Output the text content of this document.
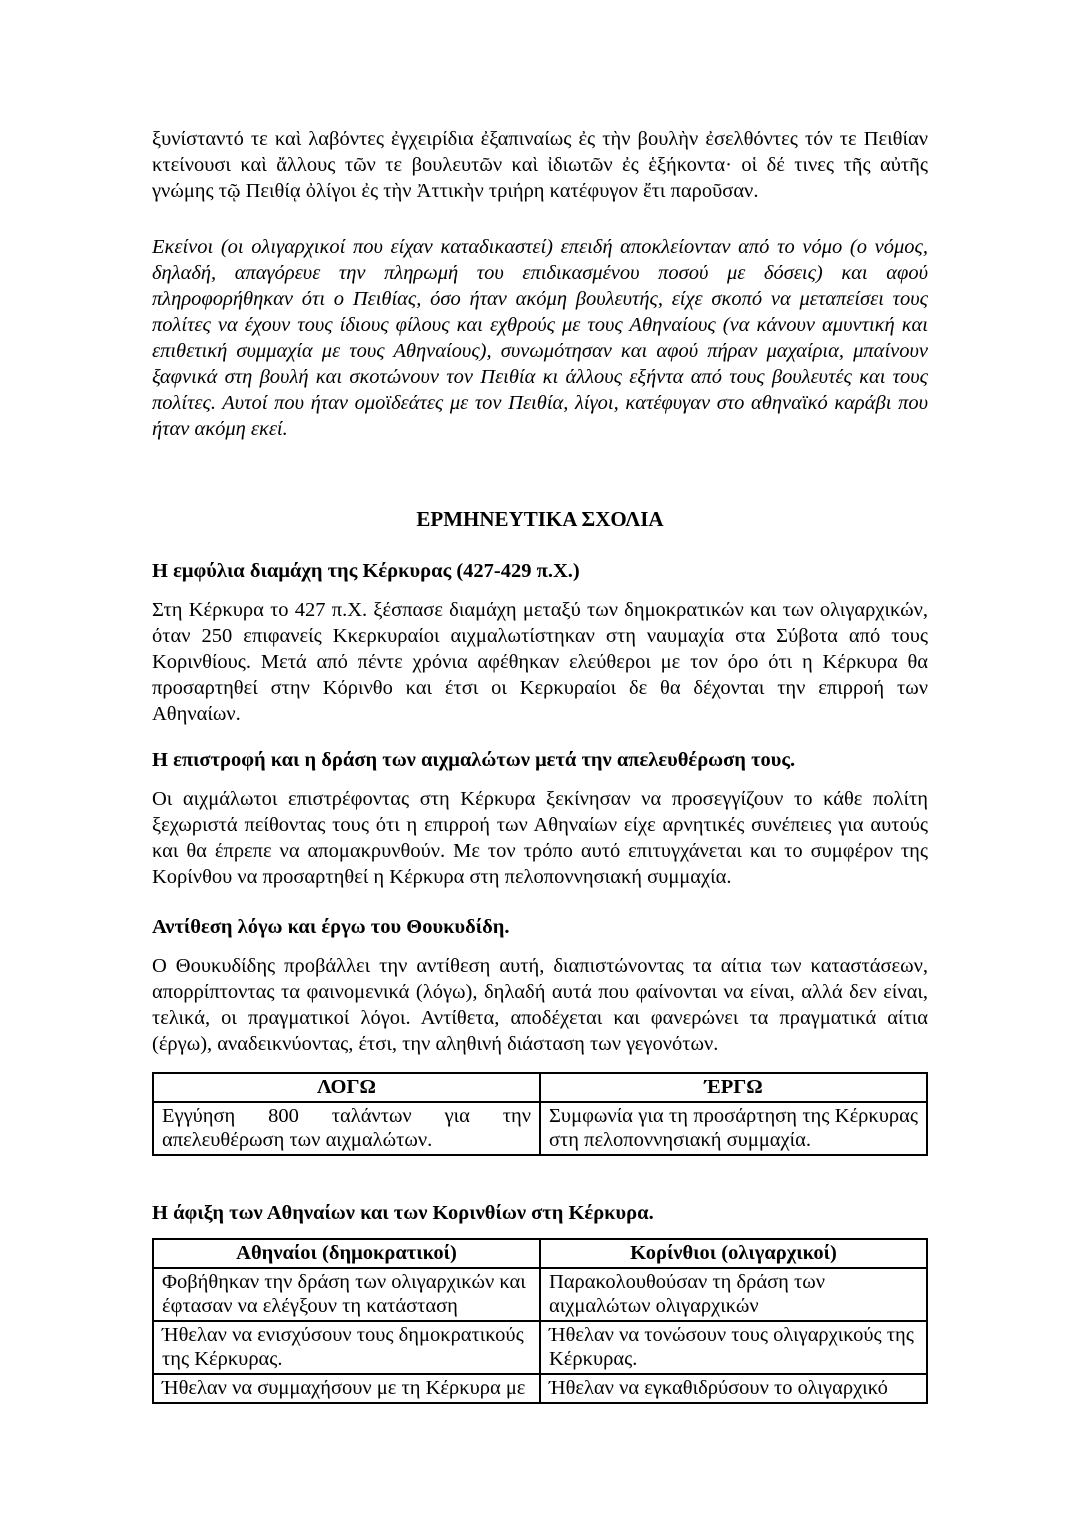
ξυνίσταντό τε καὶ λαβόντες ἐγχειρίδια ἐξαπιναίως ἐς τὴν βουλὴν ἐσελθόντες τόν τε Πειθίαν κτείνουσι καὶ ἄλλους τῶν τε βουλευτῶν καὶ ἰδιωτῶν ἐς ἑξήκοντα· οἱ δέ τινες τῆς αὐτῆς γνώμης τῷ Πειθίᾳ ὀλίγοι ἐς τὴν Ἀττικὴν τριήρη κατέφυγον ἔτι παροῦσαν.

Εκείνοι (οι ολιγαρχικοί που είχαν καταδικαστεί) επειδή αποκλείονταν από το νόμο (ο νόμος, δηλαδή, απαγόρευε την πληρωμή του επιδικασμένου ποσού με δόσεις) και αφού πληροφορήθηκαν ότι ο Πειθίας, όσο ήταν ακόμη βουλευτής, είχε σκοπό να μεταπείσει τους πολίτες να έχουν τους ίδιους φίλους και εχθρούς με τους Αθηναίους (να κάνουν αμυντική και επιθετική συμμαχία με τους Αθηναίους), συνωμότησαν και αφού πήραν μαχαίρια, μπαίνουν ξαφνικά στη βουλή και σκοτώνουν τον Πειθία κι άλλους εξήντα από τους βουλευτές και τους πολίτες. Αυτοί που ήταν ομοϊδεάτες με τον Πειθία, λίγοι, κατέφυγαν στο αθηναϊκό καράβι που ήταν ακόμη εκεί.

ΕΡΜΗΝΕΥΤΙΚΑ ΣΧΟΛΙΑ
Η εμφύλια διαμάχη της Κέρκυρας (427-429 π.Χ.)

Στη Κέρκυρα το 427 π.Χ. ξέσπασε διαμάχη μεταξύ των δημοκρατικών και των ολιγαρχικών, όταν 250 επιφανείς Κκερκυραίοι αιχμαλωτίστηκαν στη ναυμαχία στα Σύβοτα από τους Κορινθίους. Μετά από πέντε χρόνια αφέθηκαν ελεύθεροι με τον όρο ότι η Κέρκυρα θα προσαρτηθεί στην Κόρινθο και έτσι οι Κερκυραίοι δε θα δέχονται την επιρροή των Αθηναίων.

Η επιστροφή και η δράση των αιχμαλώτων μετά την απελευθέρωση τους.

Οι αιχμάλωτοι επιστρέφοντας στη Κέρκυρα ξεκίνησαν να προσεγγίζουν το κάθε πολίτη ξεχωριστά πείθοντας τους ότι η επιρροή των Αθηναίων είχε αρνητικές συνέπειες για αυτούς και θα έπρεπε να απομακρυνθούν. Με τον τρόπο αυτό επιτυγχάνεται και το συμφέρον της Κορίνθου να προσαρτηθεί η Κέρκυρα στη πελοποννησιακή συμμαχία.

Αντίθεση λόγω και έργω του Θουκυδίδη.

Ο Θουκυδίδης προβάλλει την αντίθεση αυτή, διαπιστώνοντας τα αίτια των καταστάσεων, απορρίπτοντας τα φαινομενικά (λόγω), δηλαδή αυτά που φαίνονται να είναι, αλλά δεν είναι, τελικά, οι πραγματικοί λόγοι. Αντίθετα, αποδέχεται και φανερώνει τα πραγματικά αίτια (έργω), αναδεικνύοντας, έτσι, την αληθινή διάσταση των γεγονότων.

ΛΟΓΩ	ΈΡΓΩ
Εγγύηση 800 ταλάντων για την απελευθέρωση των αιχμαλώτων.	Συμφωνία για τη προσάρτηση της Κέρκυρας στη πελοποννησιακή συμμαχία.
Η άφιξη των Αθηναίων και των Κορινθίων στη Κέρκυρα.
Αθηναίοι (δημοκρατικοί)	Κορίνθιοι (ολιγαρχικοί)
Φοβήθηκαν την δράση των ολιγαρχικών και έφτασαν να ελέγξουν τη κατάσταση	Παρακολουθούσαν τη δράση των αιχμαλώτων ολιγαρχικών
Ήθελαν να ενισχύσουν τους δημοκρατικούς της Κέρκυρας.	Ήθελαν να τονώσουν τους ολιγαρχικούς της Κέρκυρας.
Ήθελαν να συμμαχήσουν με τη Κέρκυρα με	Ήθελαν να εγκαθιδρύσουν το ολιγαρχικό
